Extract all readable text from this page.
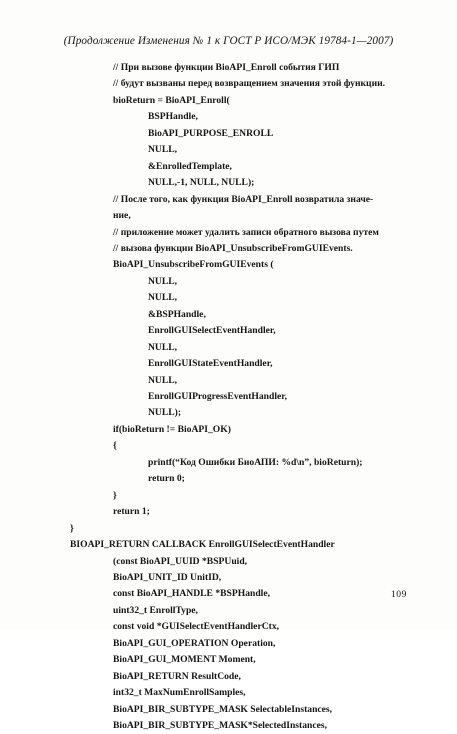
(Продолжение Изменения № 1 к ГОСТ Р ИСО/МЭК 19784-1—2007)
// При вызове функции BioAPI_Enroll события ГИП
// будут вызваны перед возвращением значения этой функции.
bioReturn = BioAPI_Enroll(
BSPHandle,
BioAPI_PURPOSE_ENROLL
NULL,
&EnrolledTemplate,
NULL,-1, NULL, NULL);
// После того, как функция BioAPI_Enroll возвратила значе-
ние,
// приложение может удалить записи обратного вызова путем
// вызова функции BioAPI_UnsubscribeFromGUIEvents.
BioAPI_UnsubscribeFromGUIEvents (
NULL,
NULL,
&BSPHandle,
EnrollGUISelectEventHandler,
NULL,
EnrollGUIStateEventHandler,
NULL,
EnrollGUIProgressEventHandler,
NULL);
if(bioReturn != BioAPI_OK)
{
printf(“Код Ошибки БиоАПИ: %d\n”, bioReturn);
return 0;
}
return 1;
}
BIOAPI_RETURN CALLBACK EnrollGUISelectEventHandler
(const BioAPI_UUID *BSPUuid,
BioAPI_UNIT_ID UnitID,
const BioAPI_HANDLE *BSPHandle,
uint32_t EnrollType,
const void *GUISelectEventHandlerCtx,
BioAPI_GUI_OPERATION Operation,
BioAPI_GUI_MOMENT Moment,
BioAPI_RETURN ResultCode,
int32_t MaxNumEnrollSamples,
BioAPI_BIR_SUBTYPE_MASK SelectableInstances,
BioAPI_BIR_SUBTYPE_MASK*SelectedInstances,
109
